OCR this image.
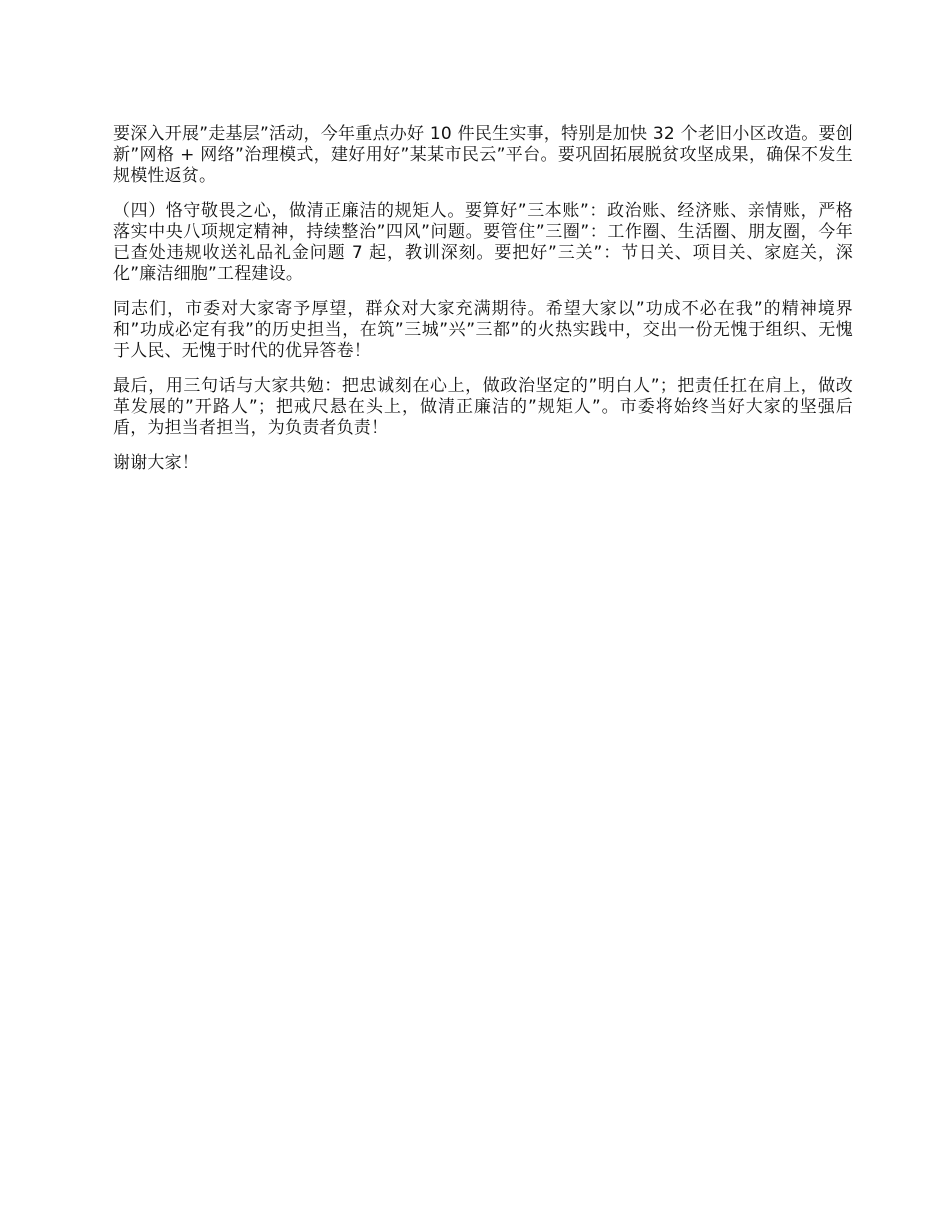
要深入开展”走基层”活动，今年重点办好 10 件民生实事，特别是加快 32 个老旧小区改造。要创新”网格 + 网络”治理模式，建好用好”某某市民云”平台。要巩固拓展脱贫攻坚成果，确保不发生规模性返贫。

（四）恪守敬畏之心，做清正廉洁的规矩人。要算好”三本账”：政治账、经济账、亲情账，严格落实中央八项规定精神，持续整治”四风”问题。要管住”三圈”：工作圈、生活圈、朋友圈，今年已查处违规收送礼品礼金问题 7 起，教训深刻。要把好”三关”：节日关、项目关、家庭关，深化”廉洁细胞”工程建设。

同志们，市委对大家寄予厚望，群众对大家充满期待。希望大家以”功成不必在我”的精神境界和”功成必定有我”的历史担当，在筑”三城”兴”三都”的火热实践中，交出一份无愧于组织、无愧于人民、无愧于时代的优异答卷！

最后，用三句话与大家共勉：把忠诚刻在心上，做政治坚定的”明白人”；把责任扛在肩上，做改革发展的”开路人”；把戒尺悬在头上，做清正廉洁的”规矩人”。市委将始终当好大家的坚强后盾，为担当者担当，为负责者负责！

谢谢大家！
